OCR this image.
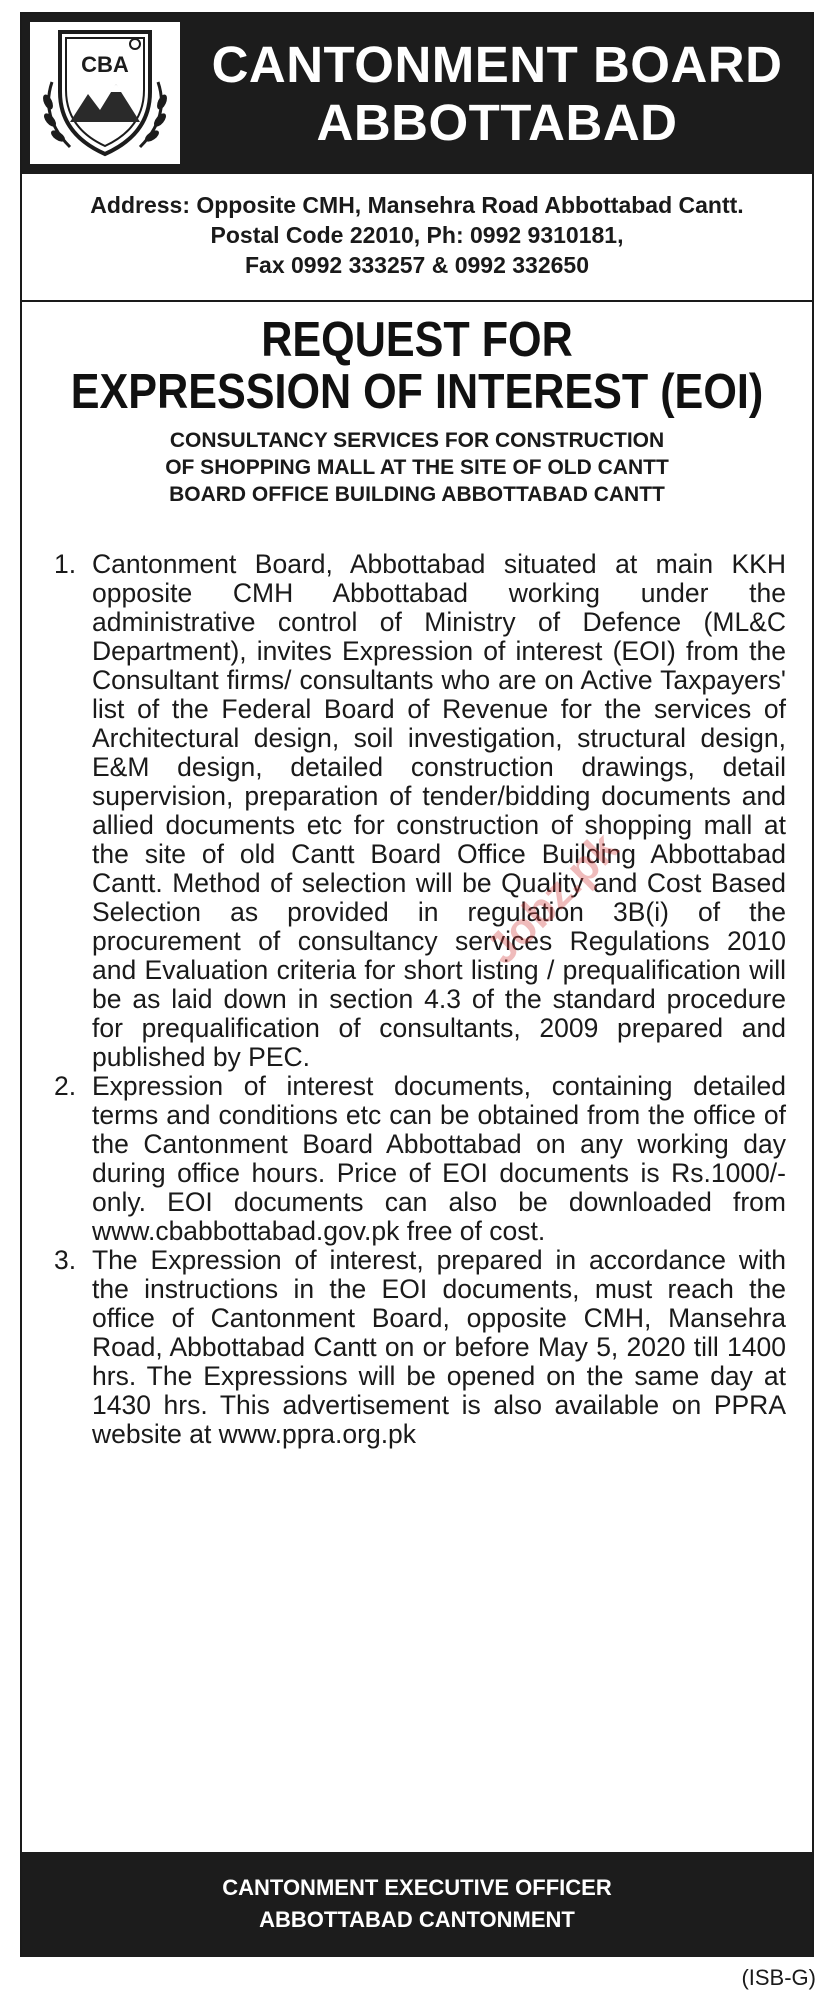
CBA	CANTONMENT BOARD
ABBOTTABAD
Address: Opposite CMH, Mansehra Road Abbottabad Cantt.
Postal Code 22010, Ph: 0992 9310181,
Fax 0992 333257 & 0992 332650
REQUEST FOR
EXPRESSION OF INTEREST (EOI)
CONSULTANCY SERVICES FOR CONSTRUCTION
OF SHOPPING MALL AT THE SITE OF OLD CANTT
BOARD OFFICE BUILDING ABBOTTABAD CANTT

1. Cantonment Board, Abbottabad situated at main KKH opposite CMH Abbottabad working under the administrative control of Ministry of Defence (ML&C Department), invites Expression of interest (EOI) from the Consultant firms/ consultants who are on Active Taxpayers' list of the Federal Board of Revenue for the services of Architectural design, soil investigation, structural design, E&M design, detailed construction drawings, detail supervision, preparation of tender/bidding documents and allied documents etc for construction of shopping mall at the site of old Cantt Board Office Building Abbottabad Cantt. Method of selection will be Quality and Cost Based Selection as provided in regulation 3B(i) of the procurement of consultancy services Regulations 2010 and Evaluation criteria for short listing / prequalification will be as laid down in section 4.3 of the standard procedure for prequalification of consultants, 2009 prepared and published by PEC.

2. Expression of interest documents, containing detailed terms and conditions etc can be obtained from the office of the Cantonment Board Abbottabad on any working day during office hours. Price of EOI documents is Rs.1000/- only. EOI documents can also be downloaded from www.cbabbottabad.gov.pk free of cost.

3. The Expression of interest, prepared in accordance with the instructions in the EOI documents, must reach the office of Cantonment Board, opposite CMH, Mansehra Road, Abbottabad Cantt on or before May 5, 2020 till 1400 hrs. The Expressions will be opened on the same day at 1430 hrs. This advertisement is also available on PPRA website at www.ppra.org.pk

Jobz.pk
CANTONMENT EXECUTIVE OFFICER
ABBOTTABAD CANTONMENT
(ISB-G)
